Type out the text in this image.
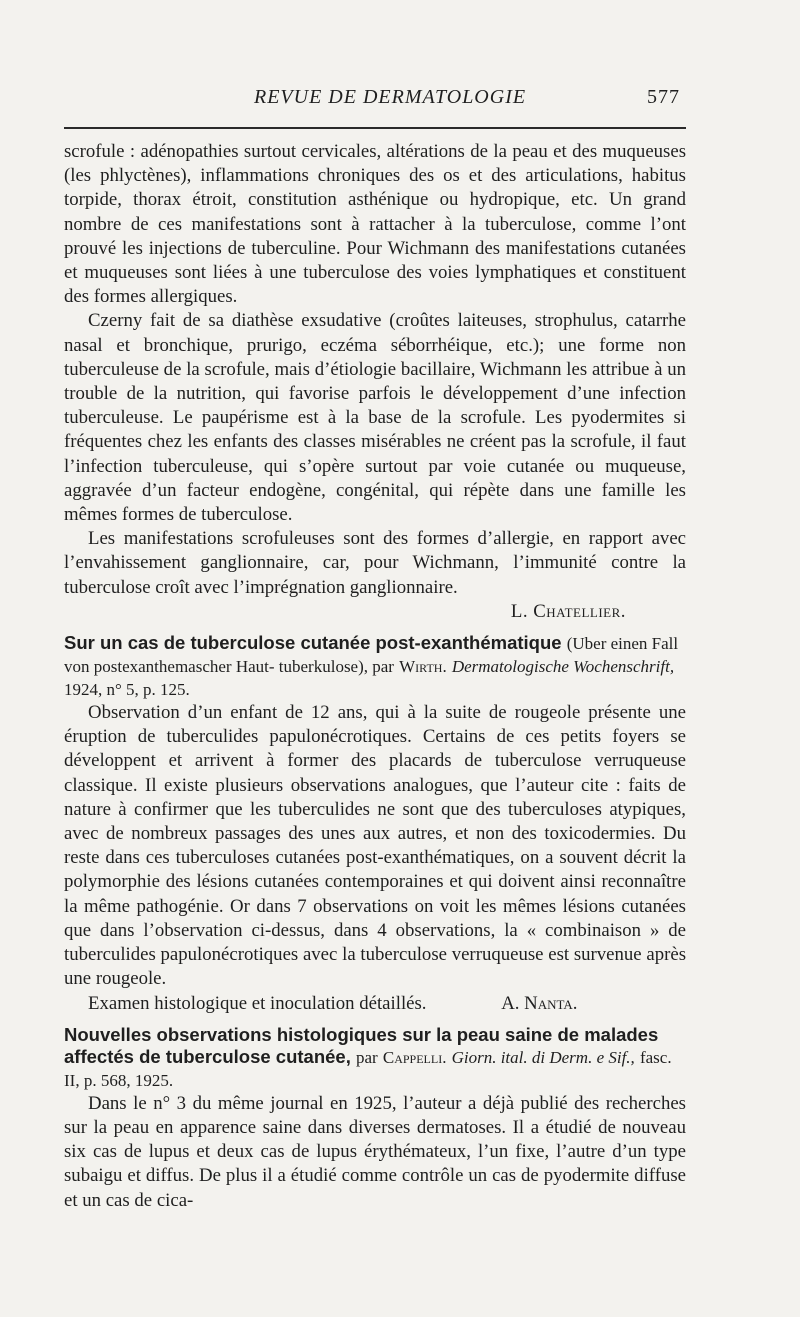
REVUE DE DERMATOLOGIE	577

scrofule : adénopathies surtout cervicales, altérations de la peau et des muqueuses (les phlyctènes), inflammations chroniques des os et des articulations, habitus torpide, thorax étroit, constitution asthénique ou hydropique, etc. Un grand nombre de ces manifestations sont à rattacher à la tuberculose, comme l’ont prouvé les injections de tuberculine. Pour Wichmann des manifestations cutanées et muqueuses sont liées à une tuberculose des voies lymphatiques et constituent des formes allergiques.

Czerny fait de sa diathèse exsudative (croûtes laiteuses, strophulus, catarrhe nasal et bronchique, prurigo, eczéma séborrhéique, etc.); une forme non tuberculeuse de la scrofule, mais d’étiologie bacillaire, Wichmann les attribue à un trouble de la nutrition, qui favorise parfois le développement d’une infection tuberculeuse. Le paupérisme est à la base de la scrofule. Les pyodermites si fréquentes chez les enfants des classes misérables ne créent pas la scrofule, il faut l’infection tuberculeuse, qui s’opère surtout par voie cutanée ou muqueuse, aggravée d’un facteur endogène, congénital, qui répète dans une famille les mêmes formes de tuberculose.

Les manifestations scrofuleuses sont des formes d’allergie, en rapport avec l’envahissement ganglionnaire, car, pour Wichmann, l’immunité contre la tuberculose croît avec l’imprégnation ganglionnaire.

L. Chatellier.

Sur un cas de tuberculose cutanée post-exanthématique (Uber einen Fall von postexanthemascher Haut- tuberkulose), par Wirth. Dermatologische Wochenschrift, 1924, n° 5, p. 125.

Observation d’un enfant de 12 ans, qui à la suite de rougeole présente une éruption de tuberculides papulonécrotiques. Certains de ces petits foyers se développent et arrivent à former des placards de tuberculose verruqueuse classique. Il existe plusieurs observations analogues, que l’auteur cite : faits de nature à confirmer que les tuberculides ne sont que des tuberculoses atypiques, avec de nombreux passages des unes aux autres, et non des toxicodermies. Du reste dans ces tuberculoses cutanées post-exanthématiques, on a souvent décrit la polymorphie des lésions cutanées contemporaines et qui doivent ainsi reconnaître la même pathogénie. Or dans 7 observations on voit les mêmes lésions cutanées que dans l’observation ci-dessus, dans 4 observations, la « combinaison » de tuberculides papulonécrotiques avec la tuberculose verruqueuse est survenue après une rougeole.

Examen histologique et inoculation détaillés.	A. Nanta.

Nouvelles observations histologiques sur la peau saine de malades affectés de tuberculose cutanée, par Cappelli. Giorn. ital. di Derm. e Sif., fasc. II, p. 568, 1925.

Dans le n° 3 du même journal en 1925, l’auteur a déjà publié des recherches sur la peau en apparence saine dans diverses dermatoses. Il a étudié de nouveau six cas de lupus et deux cas de lupus érythémateux, l’un fixe, l’autre d’un type subaigu et diffus. De plus il a étudié comme contrôle un cas de pyodermite diffuse et un cas de cica-
